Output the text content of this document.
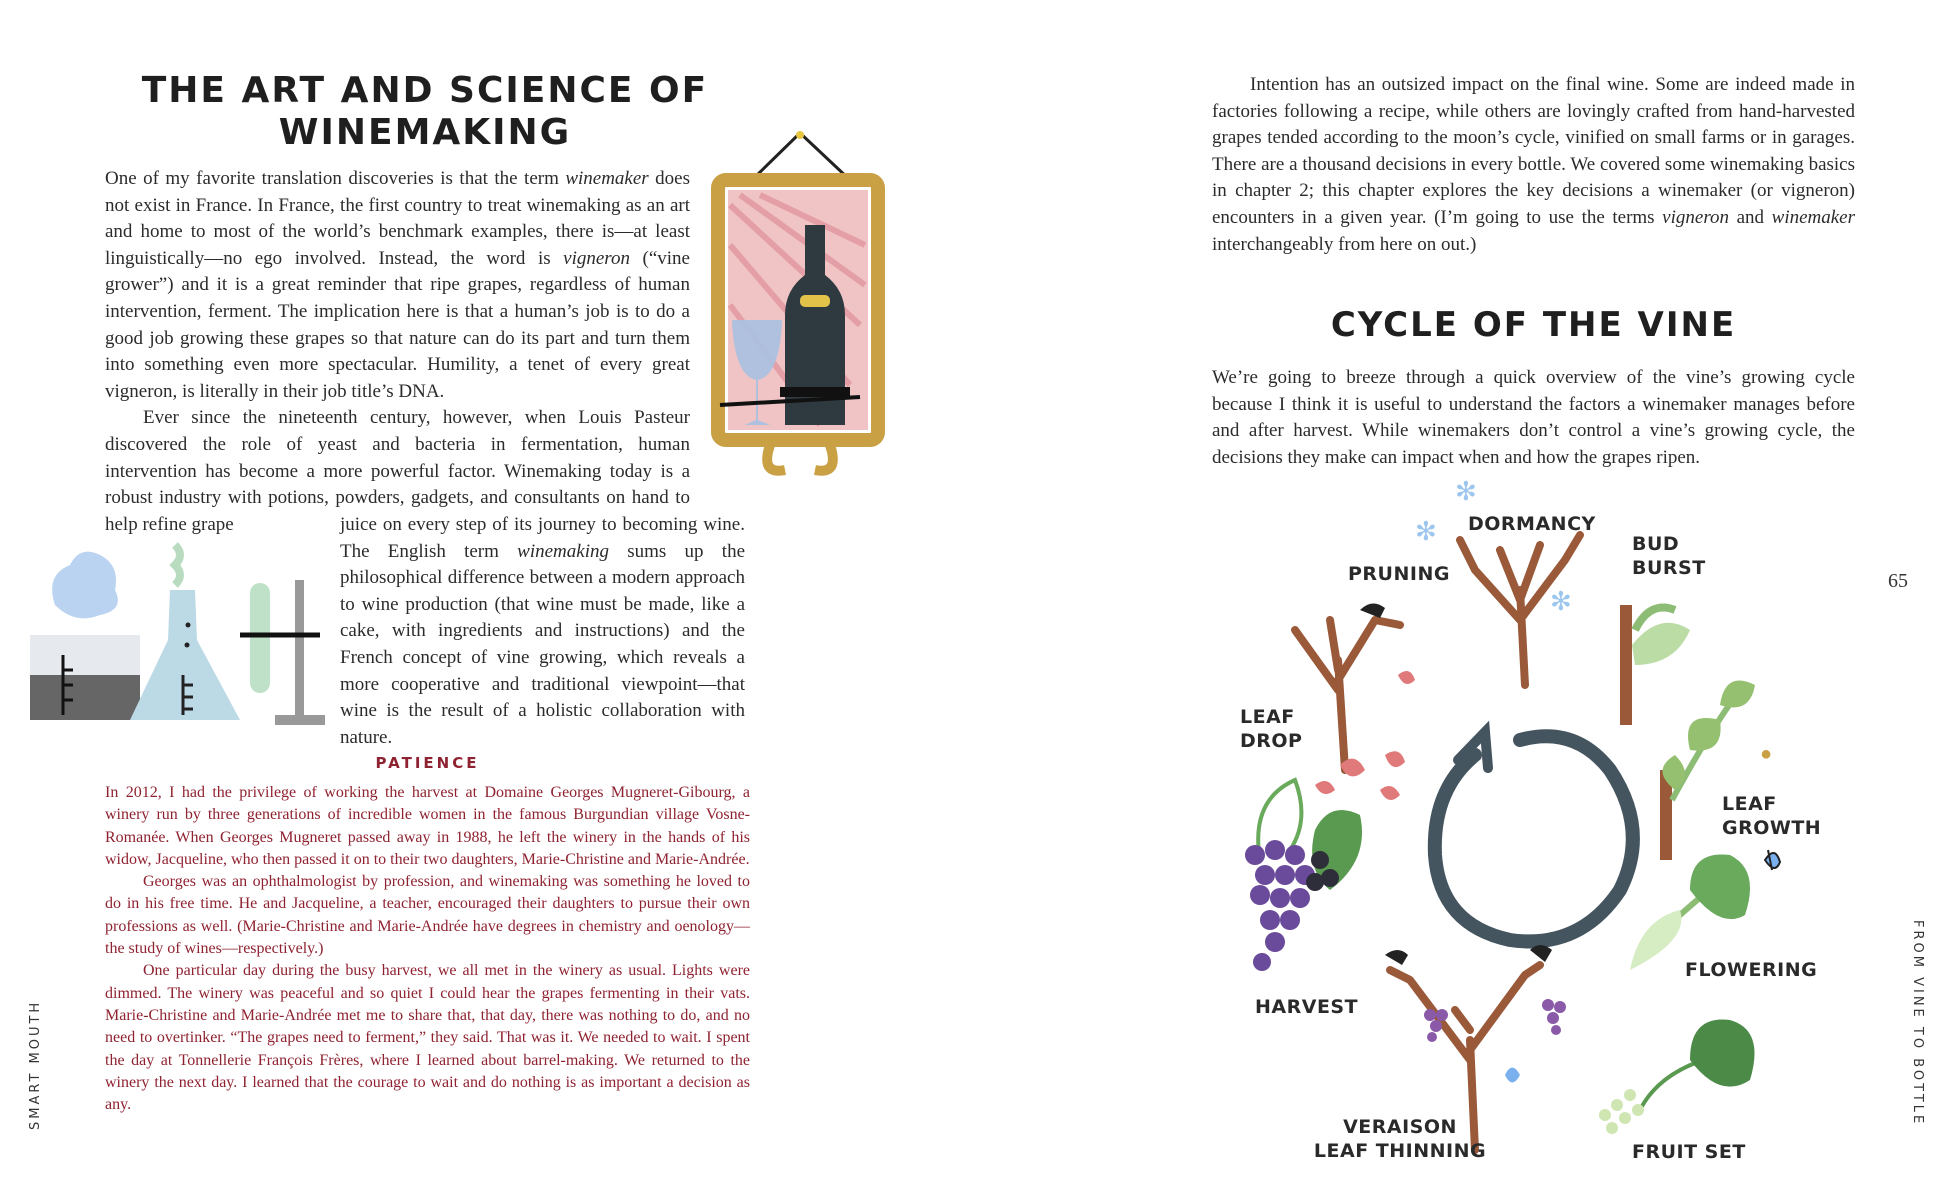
THE ART AND SCIENCE OF
WINEMAKING

One of my favorite translation discoveries is that the term winemaker does not exist in France. In France, the first country to treat winemaking as an art and home to most of the world’s benchmark examples, there is—at least linguistically—no ego involved. Instead, the word is vigneron (“vine grower”) and it is a great reminder that ripe grapes, regardless of human intervention, ferment. The implication here is that a human’s job is to do a good job growing these grapes so that nature can do its part and turn them into something even more spectacular. Humility, a tenet of every great vigneron, is literally in their job title’s DNA.

Ever since the nineteenth century, however, when Louis Pasteur discovered the role of yeast and bacteria in fermentation, human intervention has become a more powerful factor. Winemaking today is a robust industry with potions, powders, gadgets, and consultants on hand to help refine grape	juice on every step of its journey to becoming wine. The English term winemaking sums up the philosophical difference between a modern approach to wine production (that wine must be made, like a cake, with ingredients and instructions) and the French concept of vine growing, which reveals a more cooperative and traditional viewpoint—that wine is the result of a holistic collaboration with nature.

PATIENCE

In 2012, I had the privilege of working the harvest at Domaine Georges Mugneret-Gibourg, a winery run by three generations of incredible women in the famous Burgundian village Vosne-Romanée. When Georges Mugneret passed away in 1988, he left the winery in the hands of his widow, Jacqueline, who then passed it on to their two daughters, Marie-Christine and Marie-Andrée.

Georges was an ophthalmologist by profession, and winemaking was something he loved to do in his free time. He and Jacqueline, a teacher, encouraged their daughters to pursue their own professions as well. (Marie-Christine and Marie-Andrée have degrees in chemistry and oenology—the study of wines—respectively.)

One particular day during the busy harvest, we all met in the winery as usual. Lights were dimmed. The winery was peaceful and so quiet I could hear the grapes fermenting in their vats. Marie-Christine and Marie-Andrée met me to share that, that day, there was nothing to do, and no need to overtinker. “The grapes need to ferment,” they said. That was it. We needed to wait. I spent the day at Tonnellerie François Frères, where I learned about barrel-making. We returned to the winery the next day. I learned that the courage to wait and do nothing is as important a decision as any.

SMART MOUTH

Intention has an outsized impact on the final wine. Some are indeed made in factories following a recipe, while others are lovingly crafted from hand-harvested grapes tended according to the moon’s cycle, vinified on small farms or in garages. There are a thousand decisions in every bottle. We covered some winemaking basics in chapter 2; this chapter explores the key decisions a winemaker (or vigneron) encounters in a given year. (I’m going to use the terms vigneron and winemaker interchangeably from here on out.)

CYCLE OF THE VINE

We’re going to breeze through a quick overview of the vine’s growing cycle because I think it is useful to understand the factors a winemaker manages before and after harvest. While winemakers don’t control a vine’s growing cycle, the decisions they make can impact when and how the grapes ripen.

65

FROM VINE TO BOTTLE
✻
✻
✻
●

DORMANCY

PRUNING

BUD
BURST

LEAF
DROP

LEAF
GROWTH

FLOWERING

HARVEST

VERAISON
LEAF THINNING	FRUIT SET
